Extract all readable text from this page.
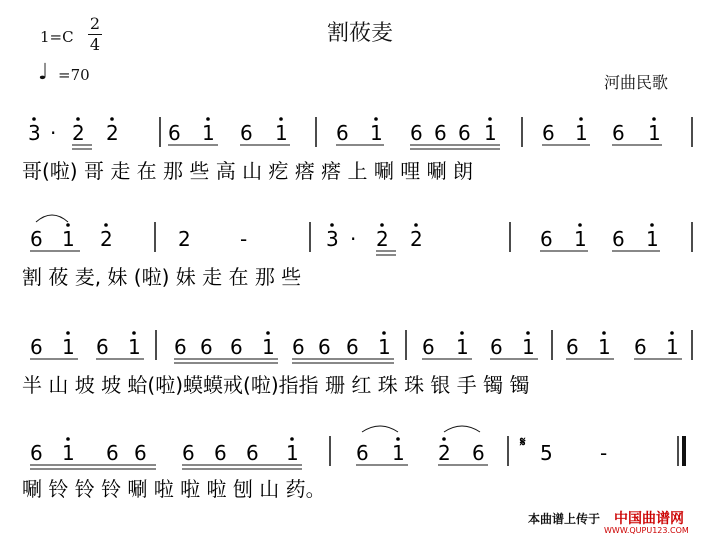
割莜麦
1=C
2
4
♩ =70	河曲民歌
3 · 2 2 6 1 6 1 6 1 6 6 6 1 6 1 6 1
哥(啦) 哥 走 在 那 些 高 山 疙 瘩 瘩 上 唰 哩 唰 朗
6 1 2	2 -	3 · 2 2	6 1 6 1
割 莜 麦, 妹 (啦) 妹 走 在 那 些
6 1 6 1 6 6 6 1 6 6 6 1 6 1 6 1 6 1 6 1
半 山 坡 坡 蛤(啦)蟆蟆戒(啦)指指 珊 红 珠 珠 银 手 镯 镯
6 1 6 6 6 6 6 1	6 1 2 6	𝄋 5 -
唰 铃 铃 铃 唰 啦 啦 啦 刨 山 药。
本曲谱上传于 中国曲谱网
WWW.QUPU123.COM
